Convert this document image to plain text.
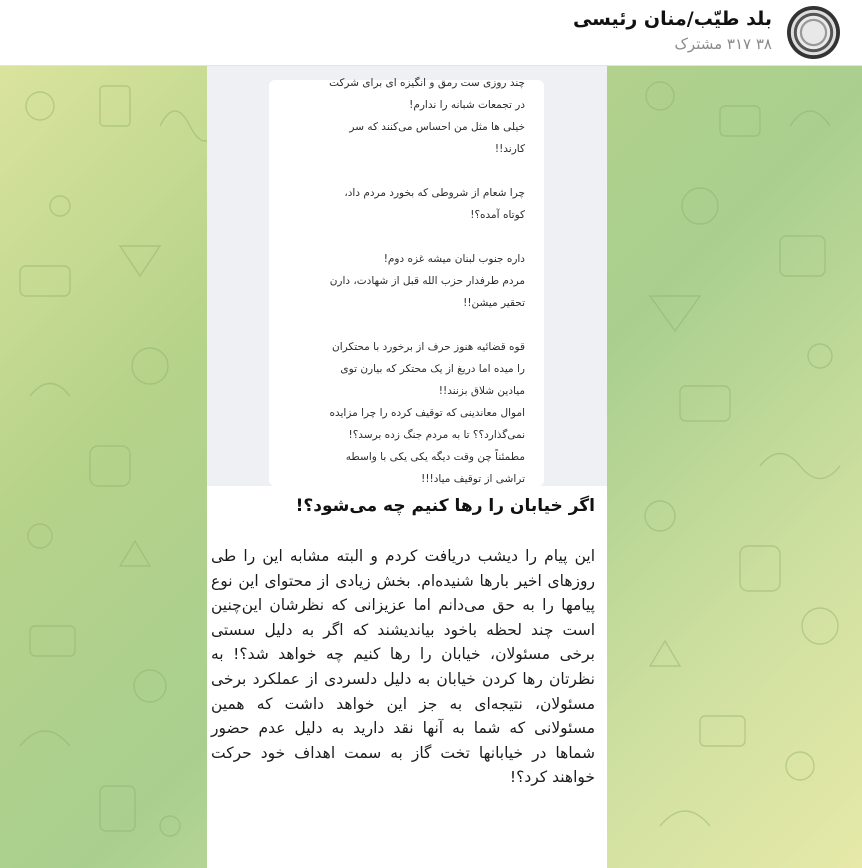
بلد طیّب/منان رئیسی
۳۸ ۳۱۷ مشترک
چند روزی ست رمق و انگیزه ای برای شرکت
در تجمعات شبانه را ندارم!
خیلی ها مثل من احساس می‌کنند که سر
کارند!!

چرا شعام از شروطی که بخورد مردم داد،
کوتاه آمده؟!

داره جنوب لبنان میشه غزه دوم!
مردم طرفدار حزب الله قبل از شهادت، دارن
تحقیر میشن!!

قوه قضائیه هنوز حرف از برخورد با محتکران
را میده اما دریغ از یک محتکر که بیارن توی
میادین شلاق بزنند!!
اموال معاندینی که توقیف کرده را چرا مزایده
نمی‌گذارد؟؟ تا به مردم جنگ زده برسد؟!
مطمئناً چن وقت دیگه یکی یکی با واسطه
تراشی از توقیف میاد!!!

اگر خیابان را رها کنیم چه می‌شود؟!
این پیام را دیشب دریافت کردم و البته مشابه این را طی روزهای اخیر بارها شنیده‌ام. بخش زیادی از محتوای این نوع پیامها را به حق می‌دانم اما عزیزانی که نظرشان این‌چنین است چند لحظه باخود بیاندیشند که اگر به دلیل سستی برخی مسئولان، خیابان را رها کنیم چه خواهد شد؟! به نظرتان رها کردن خیابان به دلیل دلسردی از عملکرد برخی مسئولان، نتیجه‌ای به جز این خواهد داشت که همین مسئولانی که شما به آنها نقد دارید به دلیل عدم حضور شماها در خیابانها تخت گاز به سمت اهداف خود حرکت خواهند کرد؟!
